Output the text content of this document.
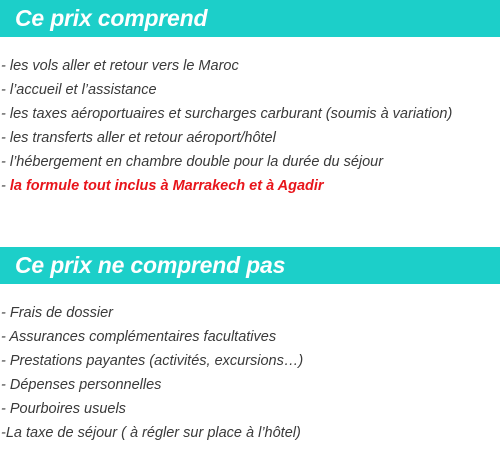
Ce prix comprend
- les vols aller et retour vers le Maroc
- l’accueil et l’assistance
- les taxes aéroportuaires et surcharges carburant (soumis à variation)
- les transferts aller et retour aéroport/hôtel
- l’hébergement en chambre double pour la durée du séjour
- la formule tout inclus à Marrakech et à Agadir
Ce prix ne comprend pas
- Frais de dossier
- Assurances complémentaires facultatives
- Prestations payantes (activités, excursions…)
- Dépenses personnelles
- Pourboires usuels
-La taxe de séjour ( à régler sur place à l’hôtel)
